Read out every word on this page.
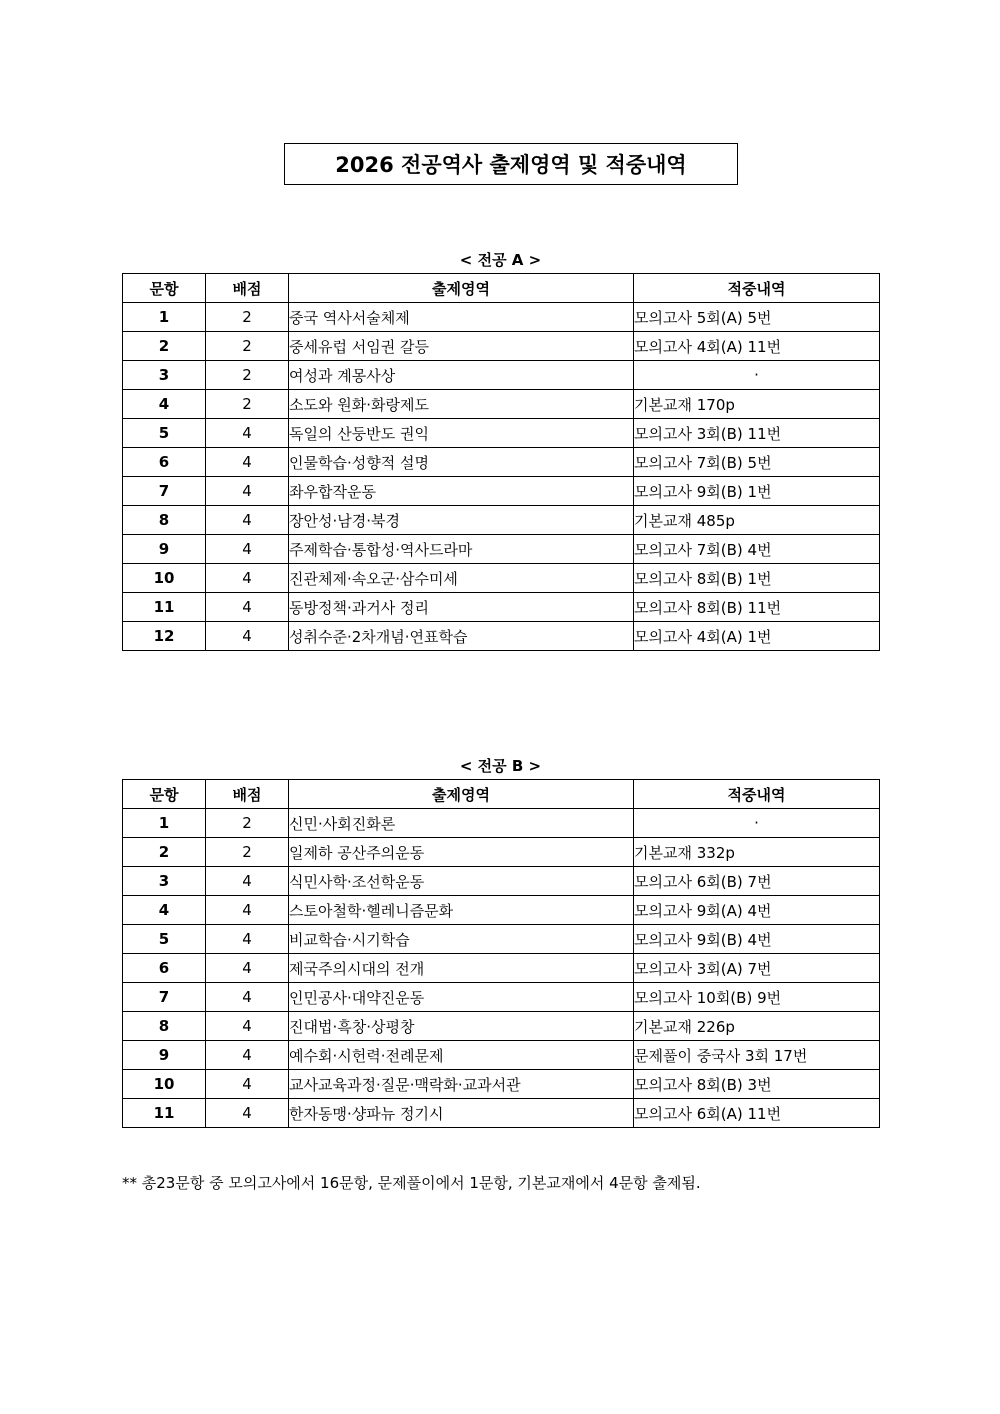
2026 전공역사 출제영역 및 적중내역
< 전공 A >
문항	배점	출제영역	적중내역
1	2	중국 역사서술체제	모의고사 5회(A) 5번
2	2	중세유럽 서임권 갈등	모의고사 4회(A) 11번
3	2	여성과 계몽사상	·
4	2	소도와 원화·화랑제도	기본교재 170p
5	4	독일의 산둥반도 권익	모의고사 3회(B) 11번
6	4	인물학습·성향적 설명	모의고사 7회(B) 5번
7	4	좌우합작운동	모의고사 9회(B) 1번
8	4	장안성·남경·북경	기본교재 485p
9	4	주제학습·통합성·역사드라마	모의고사 7회(B) 4번
10	4	진관체제·속오군·삼수미세	모의고사 8회(B) 1번
11	4	동방정책·과거사 정리	모의고사 8회(B) 11번
12	4	성취수준·2차개념·연표학습	모의고사 4회(A) 1번
< 전공 B >
문항	배점	출제영역	적중내역
1	2	신민·사회진화론	·
2	2	일제하 공산주의운동	기본교재 332p
3	4	식민사학·조선학운동	모의고사 6회(B) 7번
4	4	스토아철학·헬레니즘문화	모의고사 9회(A) 4번
5	4	비교학습·시기학습	모의고사 9회(B) 4번
6	4	제국주의시대의 전개	모의고사 3회(A) 7번
7	4	인민공사·대약진운동	모의고사 10회(B) 9번
8	4	진대법·흑창·상평창	기본교재 226p
9	4	예수회·시헌력·전례문제	문제풀이 중국사 3회 17번
10	4	교사교육과정·질문·맥락화·교과서관	모의고사 8회(B) 3번
11	4	한자동맹·샹파뉴 정기시	모의고사 6회(A) 11번
** 총23문항 중 모의고사에서 16문항, 문제풀이에서 1문항, 기본교재에서 4문항 출제됨.
